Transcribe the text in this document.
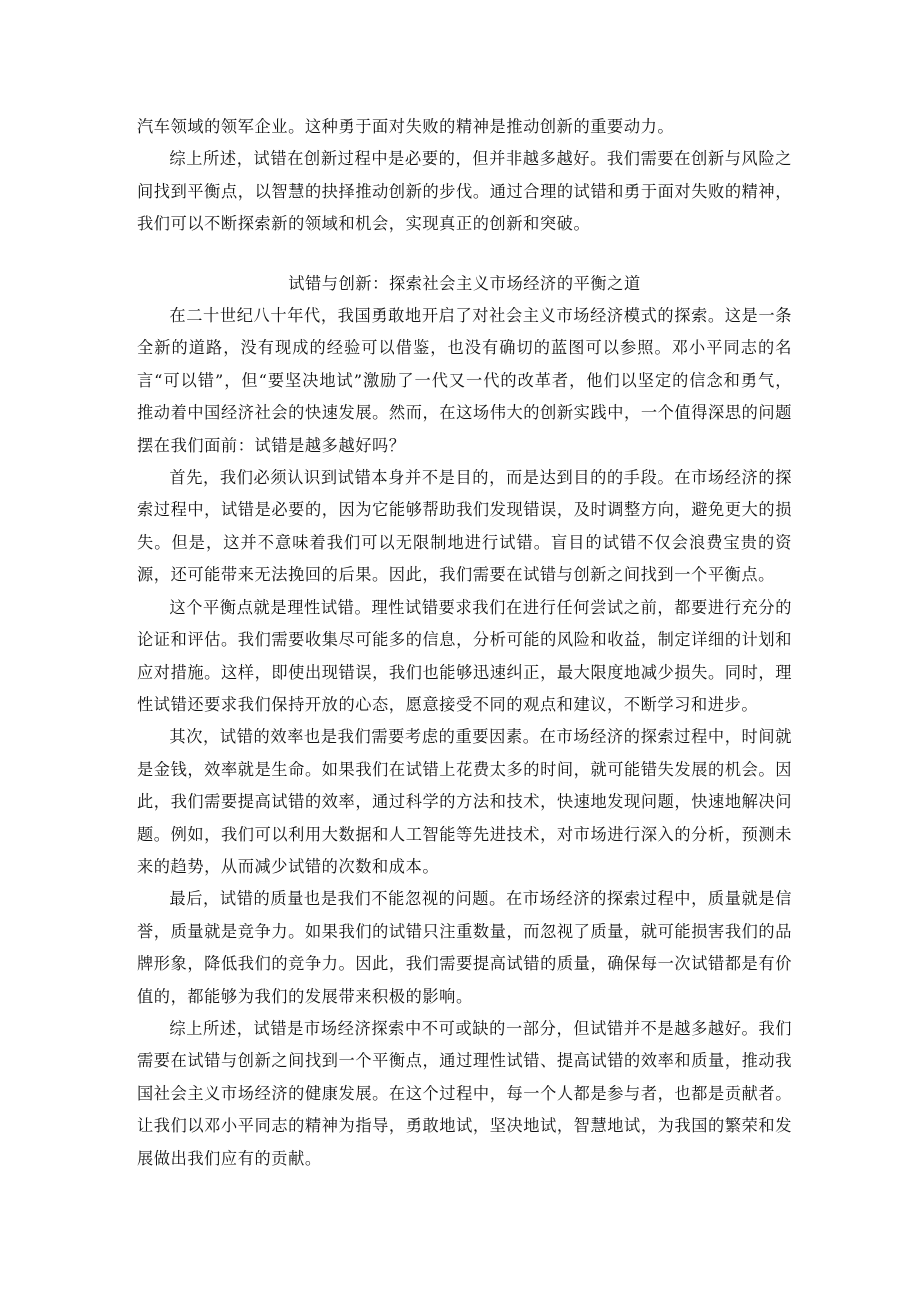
汽车领域的领军企业。这种勇于面对失败的精神是推动创新的重要动力。

综上所述，试错在创新过程中是必要的，但并非越多越好。我们需要在创新与风险之间找到平衡点，以智慧的抉择推动创新的步伐。通过合理的试错和勇于面对失败的精神，我们可以不断探索新的领域和机会，实现真正的创新和突破。

试错与创新：探索社会主义市场经济的平衡之道

在二十世纪八十年代，我国勇敢地开启了对社会主义市场经济模式的探索。这是一条全新的道路，没有现成的经验可以借鉴，也没有确切的蓝图可以参照。邓小平同志的名言“可以错”，但“要坚决地试”激励了一代又一代的改革者，他们以坚定的信念和勇气，推动着中国经济社会的快速发展。然而，在这场伟大的创新实践中，一个值得深思的问题摆在我们面前：试错是越多越好吗？

首先，我们必须认识到试错本身并不是目的，而是达到目的的手段。在市场经济的探索过程中，试错是必要的，因为它能够帮助我们发现错误，及时调整方向，避免更大的损失。但是，这并不意味着我们可以无限制地进行试错。盲目的试错不仅会浪费宝贵的资源，还可能带来无法挽回的后果。因此，我们需要在试错与创新之间找到一个平衡点。

这个平衡点就是理性试错。理性试错要求我们在进行任何尝试之前，都要进行充分的论证和评估。我们需要收集尽可能多的信息，分析可能的风险和收益，制定详细的计划和应对措施。这样，即使出现错误，我们也能够迅速纠正，最大限度地减少损失。同时，理性试错还要求我们保持开放的心态，愿意接受不同的观点和建议，不断学习和进步。

其次，试错的效率也是我们需要考虑的重要因素。在市场经济的探索过程中，时间就是金钱，效率就是生命。如果我们在试错上花费太多的时间，就可能错失发展的机会。因此，我们需要提高试错的效率，通过科学的方法和技术，快速地发现问题，快速地解决问题。例如，我们可以利用大数据和人工智能等先进技术，对市场进行深入的分析，预测未来的趋势，从而减少试错的次数和成本。

最后，试错的质量也是我们不能忽视的问题。在市场经济的探索过程中，质量就是信誉，质量就是竞争力。如果我们的试错只注重数量，而忽视了质量，就可能损害我们的品牌形象，降低我们的竞争力。因此，我们需要提高试错的质量，确保每一次试错都是有价值的，都能够为我们的发展带来积极的影响。

综上所述，试错是市场经济探索中不可或缺的一部分，但试错并不是越多越好。我们需要在试错与创新之间找到一个平衡点，通过理性试错、提高试错的效率和质量，推动我国社会主义市场经济的健康发展。在这个过程中，每一个人都是参与者，也都是贡献者。让我们以邓小平同志的精神为指导，勇敢地试，坚决地试，智慧地试，为我国的繁荣和发展做出我们应有的贡献。
